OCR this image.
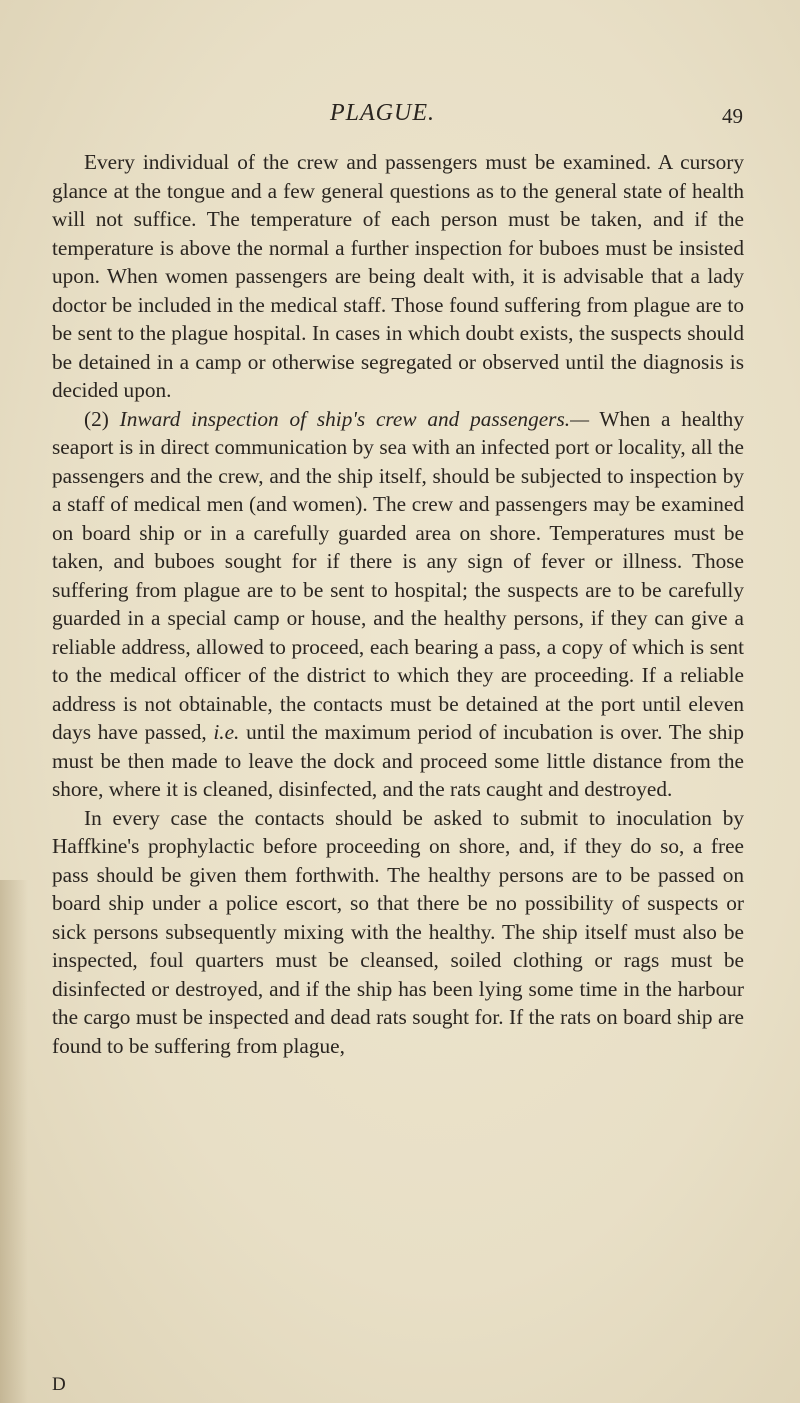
PLAGUE.	49

Every individual of the crew and passengers must be examined. A cursory glance at the tongue and a few general questions as to the general state of health will not suffice. The temperature of each person must be taken, and if the temperature is above the normal a further inspection for buboes must be insisted upon. When women passengers are being dealt with, it is advisable that a lady doctor be included in the medical staff. Those found suffering from plague are to be sent to the plague hospital. In cases in which doubt exists, the suspects should be detained in a camp or otherwise segregated or observed until the diagnosis is decided upon.

(2) Inward inspection of ship's crew and passengers.— When a healthy seaport is in direct communication by sea with an infected port or locality, all the passengers and the crew, and the ship itself, should be subjected to inspection by a staff of medical men (and women). The crew and passengers may be examined on board ship or in a carefully guarded area on shore. Temperatures must be taken, and buboes sought for if there is any sign of fever or illness. Those suffering from plague are to be sent to hospital; the suspects are to be carefully guarded in a special camp or house, and the healthy persons, if they can give a reliable address, allowed to proceed, each bearing a pass, a copy of which is sent to the medical officer of the district to which they are proceeding. If a reliable address is not obtainable, the contacts must be detained at the port until eleven days have passed, i.e. until the maximum period of incubation is over. The ship must be then made to leave the dock and proceed some little distance from the shore, where it is cleaned, disinfected, and the rats caught and destroyed.

In every case the contacts should be asked to submit to inoculation by Haffkine's prophylactic before proceeding on shore, and, if they do so, a free pass should be given them forthwith. The healthy persons are to be passed on board ship under a police escort, so that there be no possibility of suspects or sick persons subsequently mixing with the healthy. The ship itself must also be inspected, foul quarters must be cleansed, soiled clothing or rags must be disinfected or destroyed, and if the ship has been lying some time in the harbour the cargo must be inspected and dead rats sought for. If the rats on board ship are found to be suffering from plague,

D
